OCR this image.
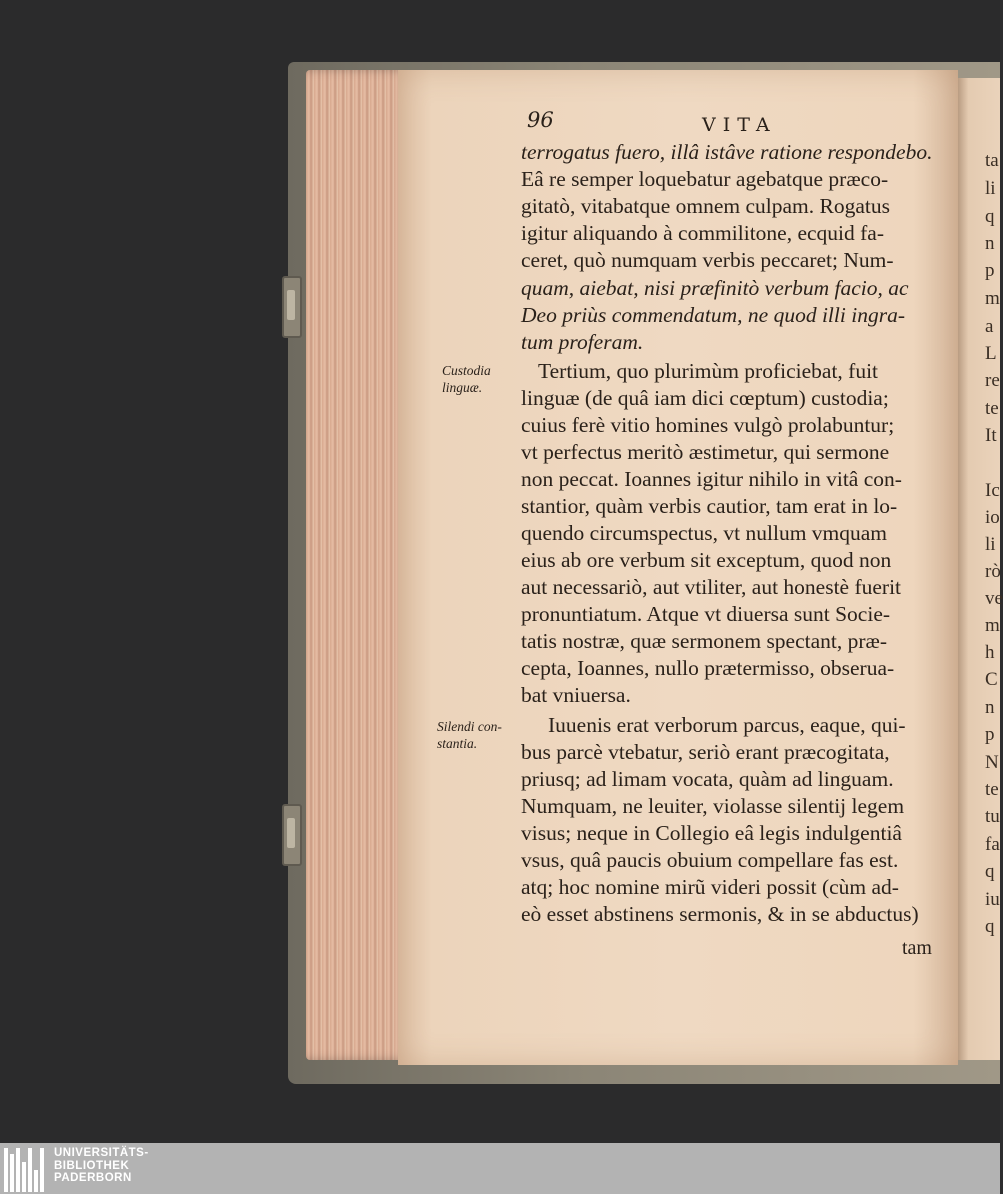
96	VITA
terrogatus fuero, illâ istâve ratione respondebo.
Eâ re semper loquebatur agebatque præco-
gitatò, vitabatque omnem culpam. Rogatus
igitur aliquando à commilitone, ecquid fa-
ceret, quò numquam verbis peccaret; Num-
quam, aiebat, nisi præfinitò verbum facio, ac
Deo priùs commendatum, ne quod illi ingra-
tum proferam.
Tertium, quo plurimùm proficiebat, fuit
linguæ (de quâ iam dici cœptum) custodia;
cuius ferè vitio homines vulgò prolabuntur;
vt perfectus meritò æstimetur, qui sermone
non peccat. Ioannes igitur nihilo in vitâ con-
stantior, quàm verbis cautior, tam erat in lo-
quendo circumspectus, vt nullum vmquam
eius ab ore verbum sit exceptum, quod non
aut necessariò, aut vtiliter, aut honestè fuerit
pronuntiatum. Atque vt diuersa sunt Socie-
tatis nostræ, quæ sermonem spectant, præ-
cepta, Ioannes, nullo prætermisso, obserua-
bat vniuersa.
Iuuenis erat verborum parcus, eaque, qui-
bus parcè vtebatur, seriò erant præcogitata,
priusq; ad limam vocata, quàm ad linguam.
Numquam, ne leuiter, violasse silentij legem
visus; neque in Collegio eâ legis indulgentiâ
vsus, quâ paucis obuium compellare fas est.
atq; hoc nomine mirũ videri possit (cùm ad-
eò esset abstinens sermonis, & in se abductus)
tam
Custodia
linguæ.
Silendi con-
stantia.
ta
li
q
n
p
m
a
L
re
te
It
Ic
io
li
rò
ve
m
h
C
n
p
N
te
tu
fa
q
iu
q
UNIVERSITÄTS-
BIBLIOTHEK
PADERBORN
